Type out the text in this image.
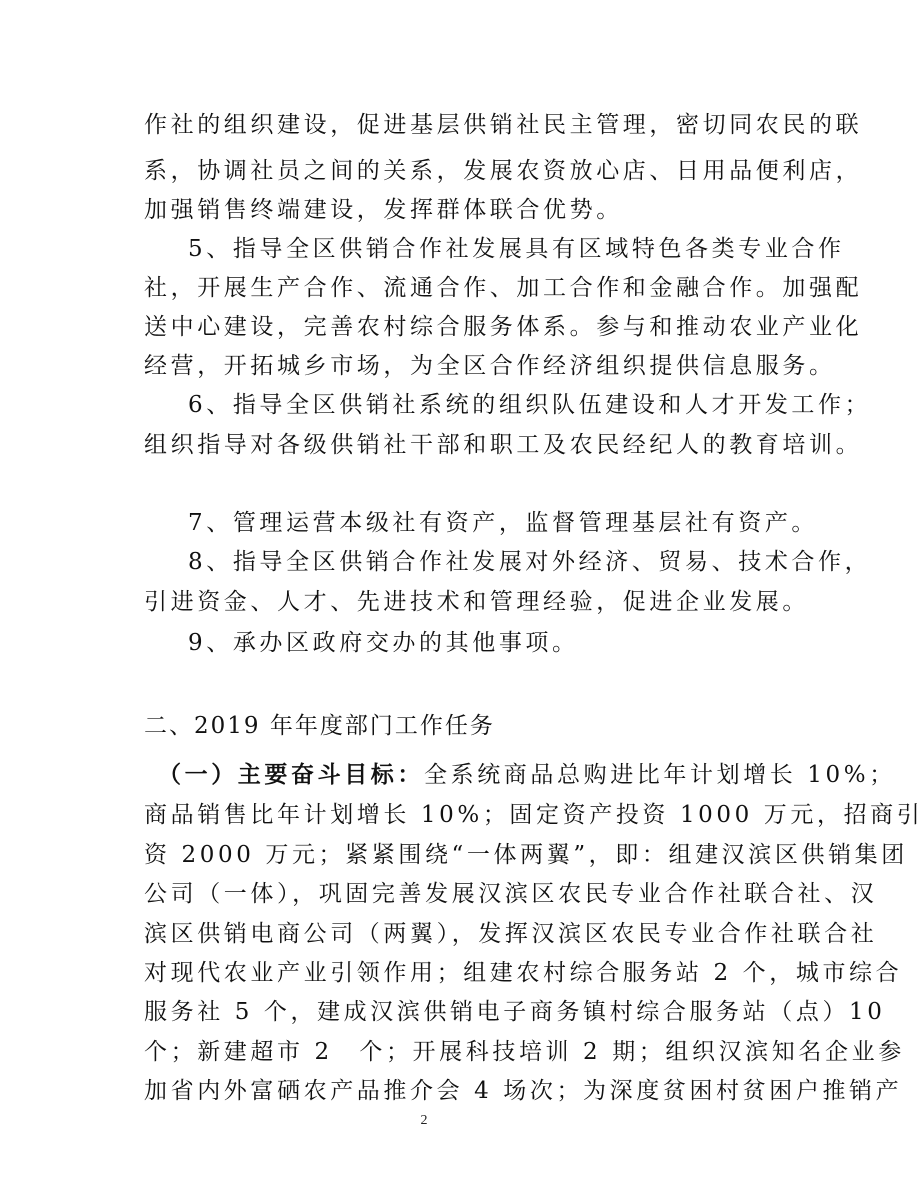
作社的组织建设，促进基层供销社民主管理，密切同农民的联
系，协调社员之间的关系，发展农资放心店、日用品便利店，
加强销售终端建设，发挥群体联合优势。
5、指导全区供销合作社发展具有区域特色各类专业合作
社，开展生产合作、流通合作、加工合作和金融合作。加强配
送中心建设，完善农村综合服务体系。参与和推动农业产业化
经营，开拓城乡市场，为全区合作经济组织提供信息服务。
6、指导全区供销社系统的组织队伍建设和人才开发工作；
组织指导对各级供销社干部和职工及农民经纪人的教育培训。
7、管理运营本级社有资产，监督管理基层社有资产。
8、指导全区供销合作社发展对外经济、贸易、技术合作，
引进资金、人才、先进技术和管理经验，促进企业发展。
9、承办区政府交办的其他事项。
二、2019 年年度部门工作任务
（一）主要奋斗目标：全系统商品总购进比年计划增长 10%；
商品销售比年计划增长 10%；固定资产投资 1000 万元，招商引
资 2000 万元；紧紧围绕“一体两翼”，即：组建汉滨区供销集团
公司（一体），巩固完善发展汉滨区农民专业合作社联合社、汉
滨区供销电商公司（两翼），发挥汉滨区农民专业合作社联合社
对现代农业产业引领作用；组建农村综合服务站 2 个，城市综合
服务社 5 个，建成汉滨供销电子商务镇村综合服务站（点）10
个；新建超市 2　个；开展科技培训 2 期；组织汉滨知名企业参
加省内外富硒农产品推介会 4 场次；为深度贫困村贫困户推销产
2
